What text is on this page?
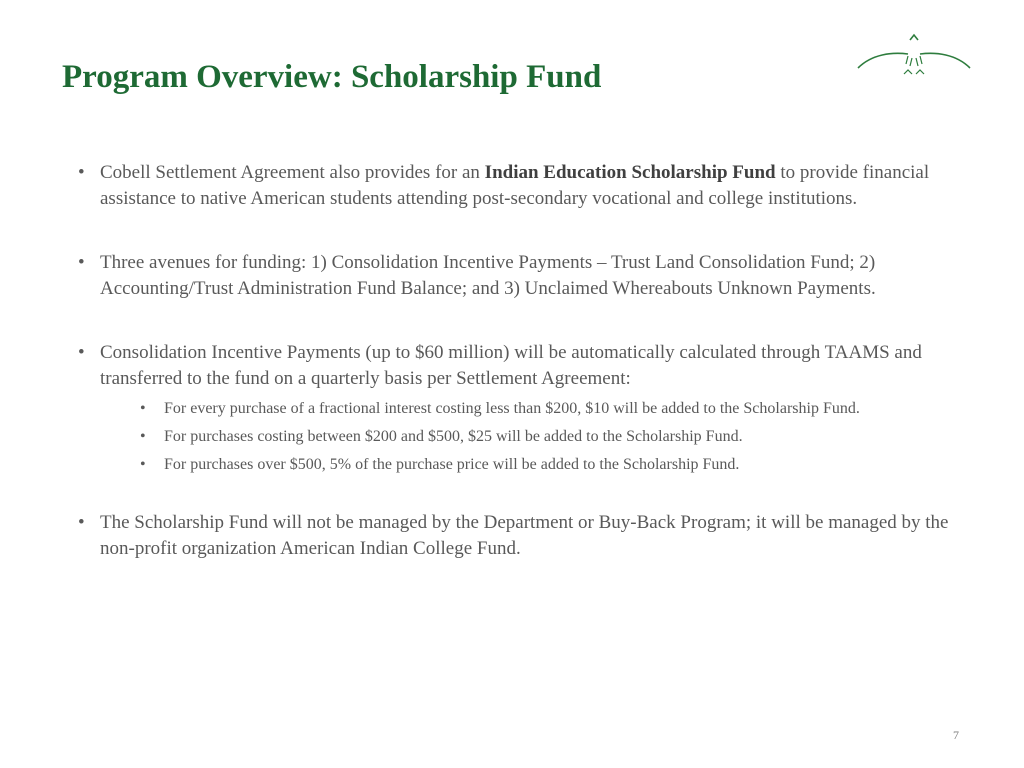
Program Overview: Scholarship Fund

• Cobell Settlement Agreement also provides for an Indian Education Scholarship Fund to provide financial assistance to native American students attending post-secondary vocational and college institutions.

• Three avenues for funding: 1) Consolidation Incentive Payments – Trust Land Consolidation Fund; 2) Accounting/Trust Administration Fund Balance; and 3) Unclaimed Whereabouts Unknown Payments.

• Consolidation Incentive Payments (up to $60 million) will be automatically calculated through TAAMS and transferred to the fund on a quarterly basis per Settlement Agreement:

• For every purchase of a fractional interest costing less than $200, $10 will be added to the Scholarship Fund.
• For purchases costing between $200 and $500, $25 will be added to the Scholarship Fund.
• For purchases over $500, 5% of the purchase price will be added to the Scholarship Fund.

• The Scholarship Fund will not be managed by the Department or Buy-Back Program; it will be managed by the non-profit organization American Indian College Fund.

7
